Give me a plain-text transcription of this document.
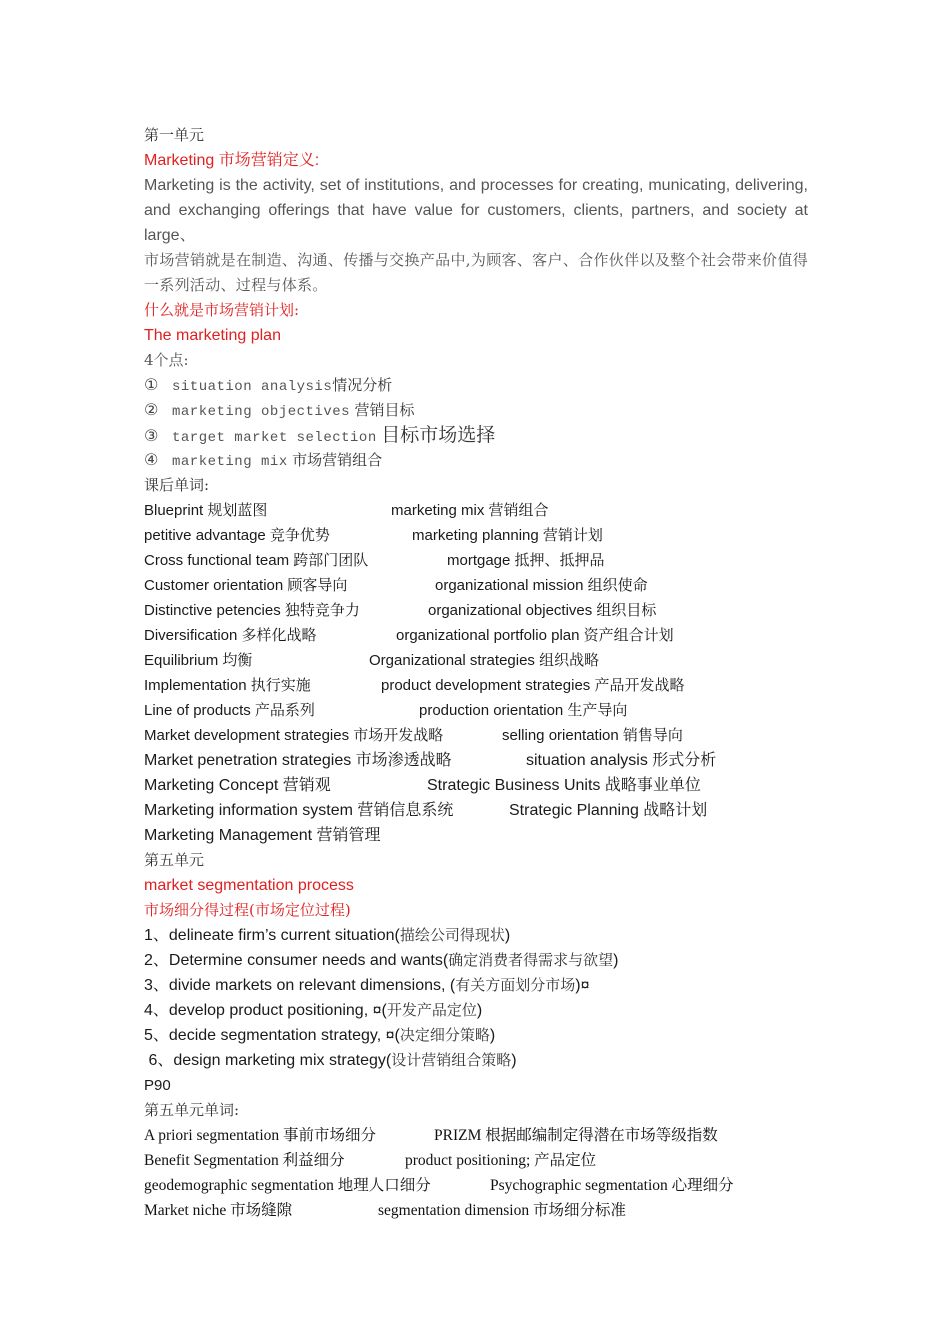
第一单元
Marketing 市场营销定义:
Marketing is the activity, set of institutions, and processes for creating, municating, delivering, and exchanging offerings that have value for customers, clients, partners, and society at large、
市场营销就是在制造、沟通、传播与交换产品中,为顾客、客户、合作伙伴以及整个社会带来价值得一系列活动、过程与体系。
什么就是市场营销计划:
The marketing plan
4个点:
① situation analysis情况分析
② marketing objectives 营销目标
③ target market selection 目标市场选择
④ marketing mix 市场营销组合
课后单词:
Blueprint 规划蓝图	marketing mix 营销组合
petitive advantage 竞争优势	marketing planning 营销计划
Cross functional team 跨部门团队	mortgage 抵押、抵押品
Customer orientation 顾客导向	organizational mission 组织使命
Distinctive petencies 独特竞争力	organizational objectives 组织目标
Diversification 多样化战略	organizational portfolio plan 资产组合计划
Equilibrium 均衡	Organizational strategies 组织战略
Implementation 执行实施	product development strategies 产品开发战略
Line of products 产品系列	production orientation 生产导向
Market development strategies 市场开发战略	selling orientation 销售导向
Market penetration strategies 市场渗透战略	situation analysis 形式分析
Marketing Concept 营销观	Strategic Business Units 战略事业单位
Marketing information system 营销信息系统	Strategic Planning 战略计划
Marketing Management 营销管理
第五单元
market segmentation process
市场细分得过程(市场定位过程)
1、delineate firm’s current situation(描绘公司得现状)
2、Determine consumer needs and wants(确定消费者得需求与欲望)
3、divide markets on relevant dimensions, (有关方面划分市场)¤
4、develop product positioning, ¤(开发产品定位)
5、decide segmentation strategy, ¤(决定细分策略)
6、design marketing mix strategy(设计营销组合策略)
P90
第五单元单词:
A priori segmentation 事前市场细分	PRIZM 根据邮编制定得潜在市场等级指数
Benefit Segmentation 利益细分	product positioning; 产品定位
geodemographic segmentation 地理人口细分	Psychographic segmentation 心理细分
Market niche 市场缝隙	segmentation dimension 市场细分标准
